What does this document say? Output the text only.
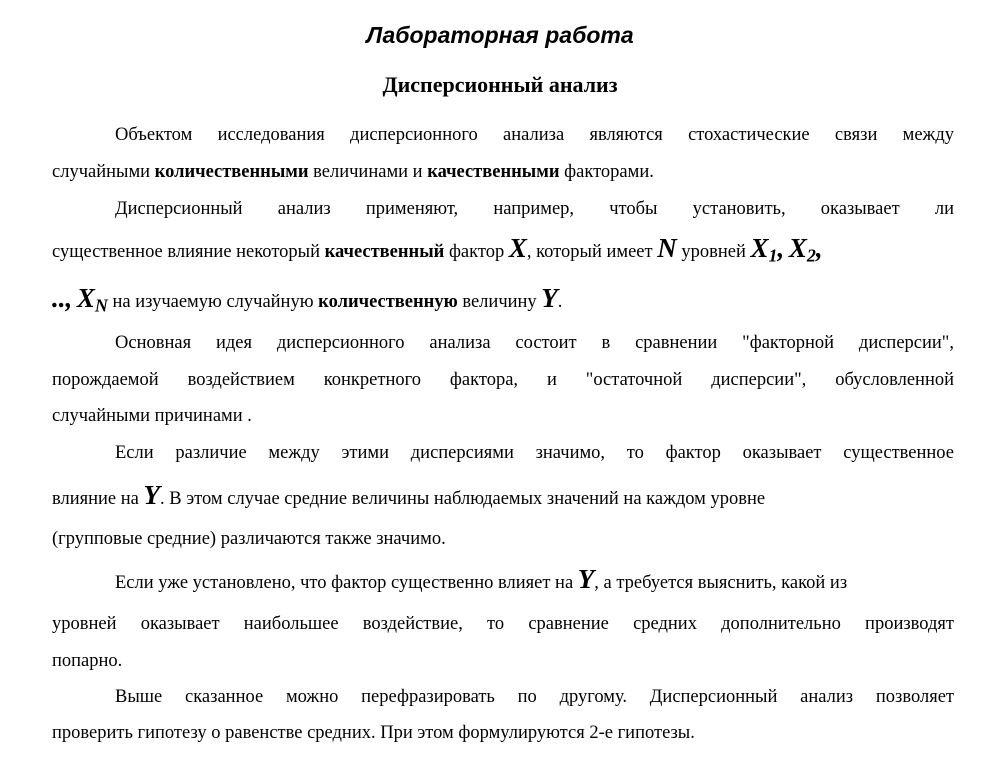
Лабораторная работа
Дисперсионный анализ
Объектом исследования дисперсионного анализа являются стохастические связи между
случайными количественными величинами и качественными факторами.
Дисперсионный анализ применяют, например, чтобы установить, оказывает ли
существенное влияние некоторый качественный фактор X, который имеет N уровней $X_1$, $X_2$,
.., $X_N$ на изучаемую случайную количественную величину Y.
Основная идея дисперсионного анализа состоит в сравнении "факторной дисперсии",
порождаемой воздействием конкретного фактора, и "остаточной дисперсии", обусловленной
случайными причинами .
Если различие между этими дисперсиями значимо, то фактор оказывает существенное
влияние на Y. В этом случае средние величины наблюдаемых значений на каждом уровне
(групповые средние) различаются также значимо.
Если уже установлено, что фактор существенно влияет на Y, а требуется выяснить, какой из
уровней оказывает наибольшее воздействие, то сравнение средних дополнительно производят
попарно.
Выше сказанное можно перефразировать по другому. Дисперсионный анализ позволяет
проверить гипотезу о равенстве средних. При этом формулируются 2-е гипотезы.
